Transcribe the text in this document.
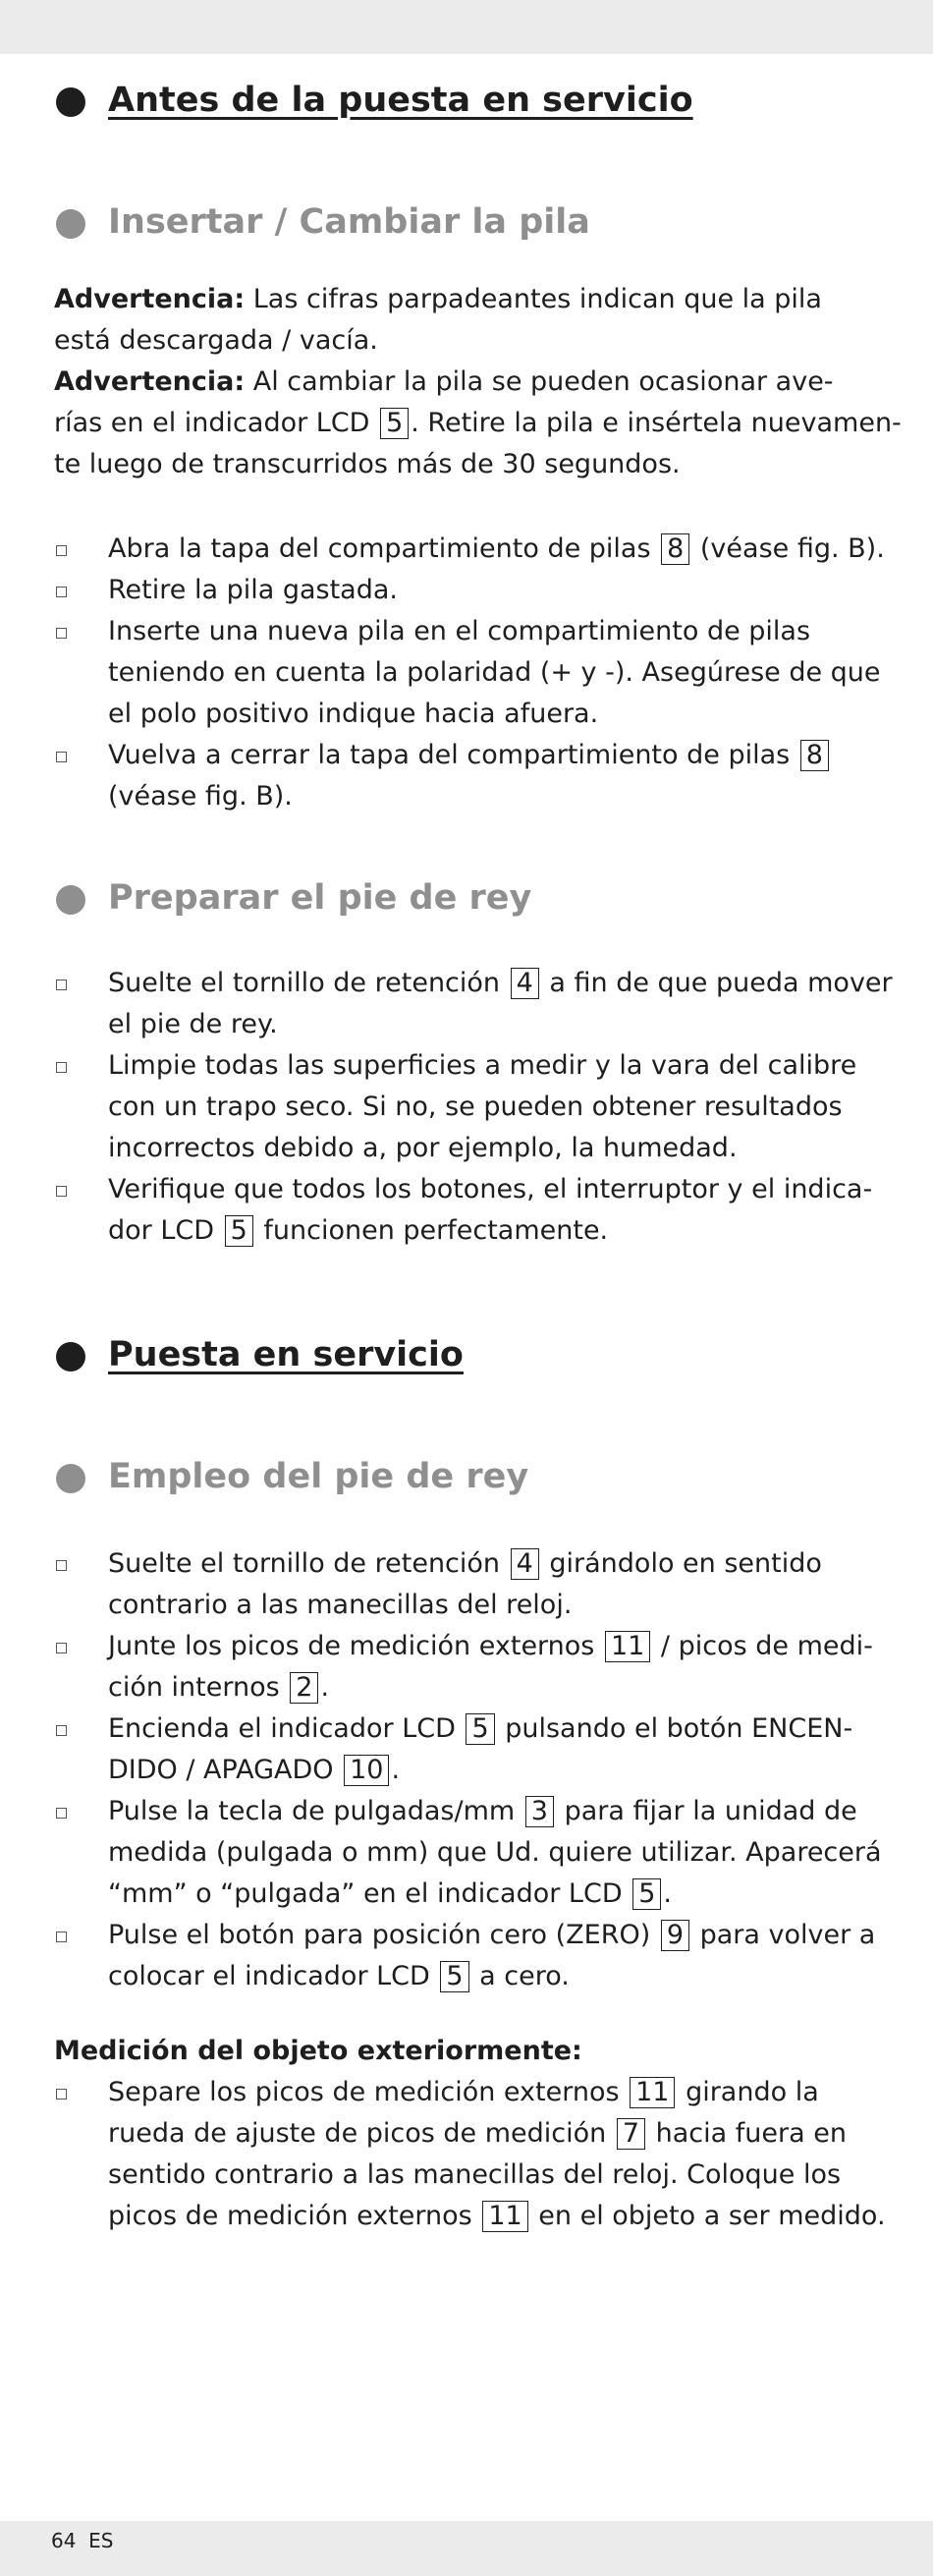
Antes de la puesta en servicio
Insertar / Cambiar la pila

Advertencia: Las cifras parpadeantes indican que la pila
está descargada / vacía.

Advertencia: Al cambiar la pila se pueden ocasionar ave-
rías en el indicador LCD 5 . Retire la pila e insértela nuevamen-
te luego de transcurridos más de 30 segundos.

Abra la tapa del compartimiento de pilas 8 (véase fig. B).
Retire la pila gastada.
Inserte una nueva pila en el compartimiento de pilas
teniendo en cuenta la polaridad (+ y -). Asegúrese de que
el polo positivo indique hacia afuera.
Vuelva a cerrar la tapa del compartimiento de pilas 8
(véase fig. B).
Preparar el pie de rey
Suelte el tornillo de retención 4 a fin de que pueda mover
el pie de rey.
Limpie todas las superficies a medir y la vara del calibre
con un trapo seco. Si no, se pueden obtener resultados
incorrectos debido a, por ejemplo, la humedad.
Verifique que todos los botones, el interruptor y el indica-
dor LCD 5 funcionen perfectamente.
Puesta en servicio
Empleo del pie de rey
Suelte el tornillo de retención 4 girándolo en sentido
contrario a las manecillas del reloj.
Junte los picos de medición externos 11 / picos de medi-
ción internos 2 .
Encienda el indicador LCD 5 pulsando el botón ENCEN-
DIDO / APAGADO 10 .
Pulse la tecla de pulgadas/mm 3 para fijar la unidad de
medida (pulgada o mm) que Ud. quiere utilizar. Aparecerá
“mm” o “pulgada” en el indicador LCD 5 .
Pulse el botón para posición cero (ZERO) 9 para volver a
colocar el indicador LCD 5 a cero.

Medición del objeto exteriormente:

Separe los picos de medición externos 11 girando la
rueda de ajuste de picos de medición 7 hacia fuera en
sentido contrario a las manecillas del reloj. Coloque los
picos de medición externos 11 en el objeto a ser medido.
64 ES
